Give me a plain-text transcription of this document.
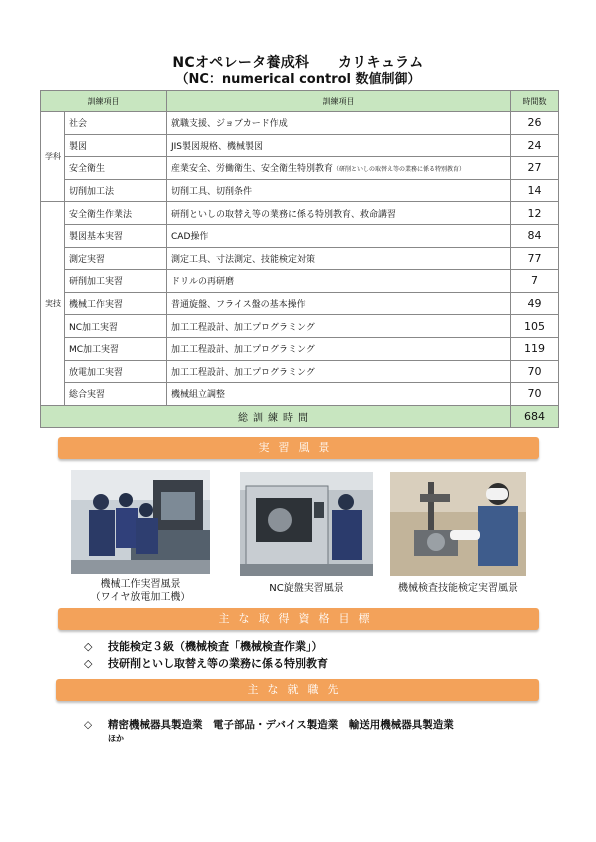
NCオペレータ養成科　　カリキュラム
（NC：numerical control 数値制御）
訓練項目		訓練項目	時間数
学科	社会	就職支援、ジョブカード作成	26
	製図	JIS製図規格、機械製図	24
	安全衛生	産業安全、労働衛生、安全衛生特別教育（研削といしの取替え等の業務に係る特別教育）	27
	切削加工法	切削工具、切削条件	14
実技	安全衛生作業法	研削といしの取替え等の業務に係る特別教育、救命講習	12
	製図基本実習	CAD操作	84
	測定実習	測定工具、寸法測定、技能検定対策	77
	研削加工実習	ドリルの再研磨	7
	機械工作実習	普通旋盤、フライス盤の基本操作	49
	NC加工実習	加工工程設計、加工プログラミング	105
	MC加工実習	加工工程設計、加工プログラミング	119
	放電加工実習	加工工程設計、加工プログラミング	70
	総合実習	機械組立調整	70
総訓練時間			684
実習風景
機械工作実習風景
（ワイヤ放電加工機）
NC旋盤実習風景	機械検査技能検定実習風景
主な取得資格目標
◇ 技能検定３級（機械検査「機械検査作業」）
◇ 技研削といし取替え等の業務に係る特別教育
主な就職先
◇ 精密機械器具製造業　電子部品・デバイス製造業　輸送用機械器具製造業
ほか
